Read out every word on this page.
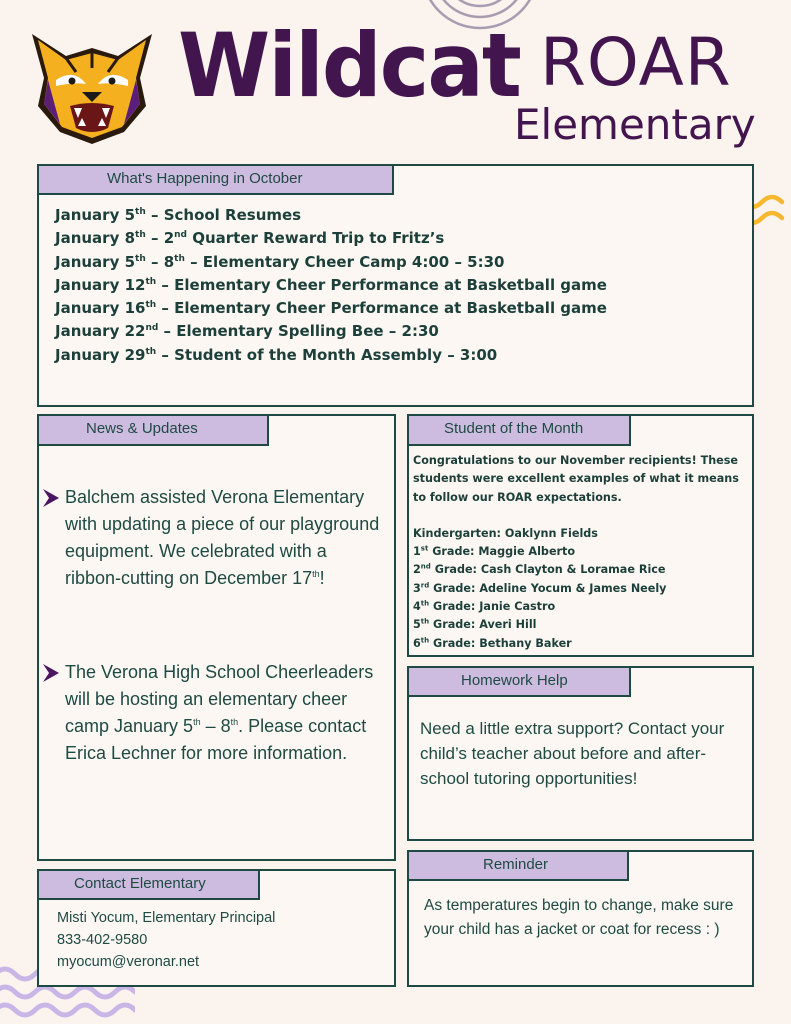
Wildcat ROAR
Elementary
What's Happening in October
January 5th – School Resumes
January 8th – 2nd Quarter Reward Trip to Fritz’s
January 5th – 8th – Elementary Cheer Camp 4:00 – 5:30
January 12th – Elementary Cheer Performance at Basketball game
January 16th – Elementary Cheer Performance at Basketball game
January 22nd – Elementary Spelling Bee – 2:30
January 29th – Student of the Month Assembly – 3:00
News & Updates
Balchem assisted Verona Elementary with updating a piece of our playground equipment. We celebrated with a ribbon-cutting on December 17th!
The Verona High School Cheerleaders will be hosting an elementary cheer camp January 5th – 8th. Please contact Erica Lechner for more information.
Student of the Month

Congratulations to our November recipients! These students were excellent examples of what it means to follow our ROAR expectations.

Kindergarten: Oaklynn Fields
1st Grade: Maggie Alberto
2nd Grade: Cash Clayton & Loramae Rice
3rd Grade: Adeline Yocum & James Neely
4th Grade: Janie Castro
5th Grade: Averi Hill
6th Grade: Bethany Baker
Homework Help
Need a little extra support? Contact your child’s teacher about before and after-school tutoring opportunities!
Reminder
As temperatures begin to change, make sure your child has a jacket or coat for recess : )
Contact Elementary
Misti Yocum, Elementary Principal
833-402-9580
myocum@veronar.net
